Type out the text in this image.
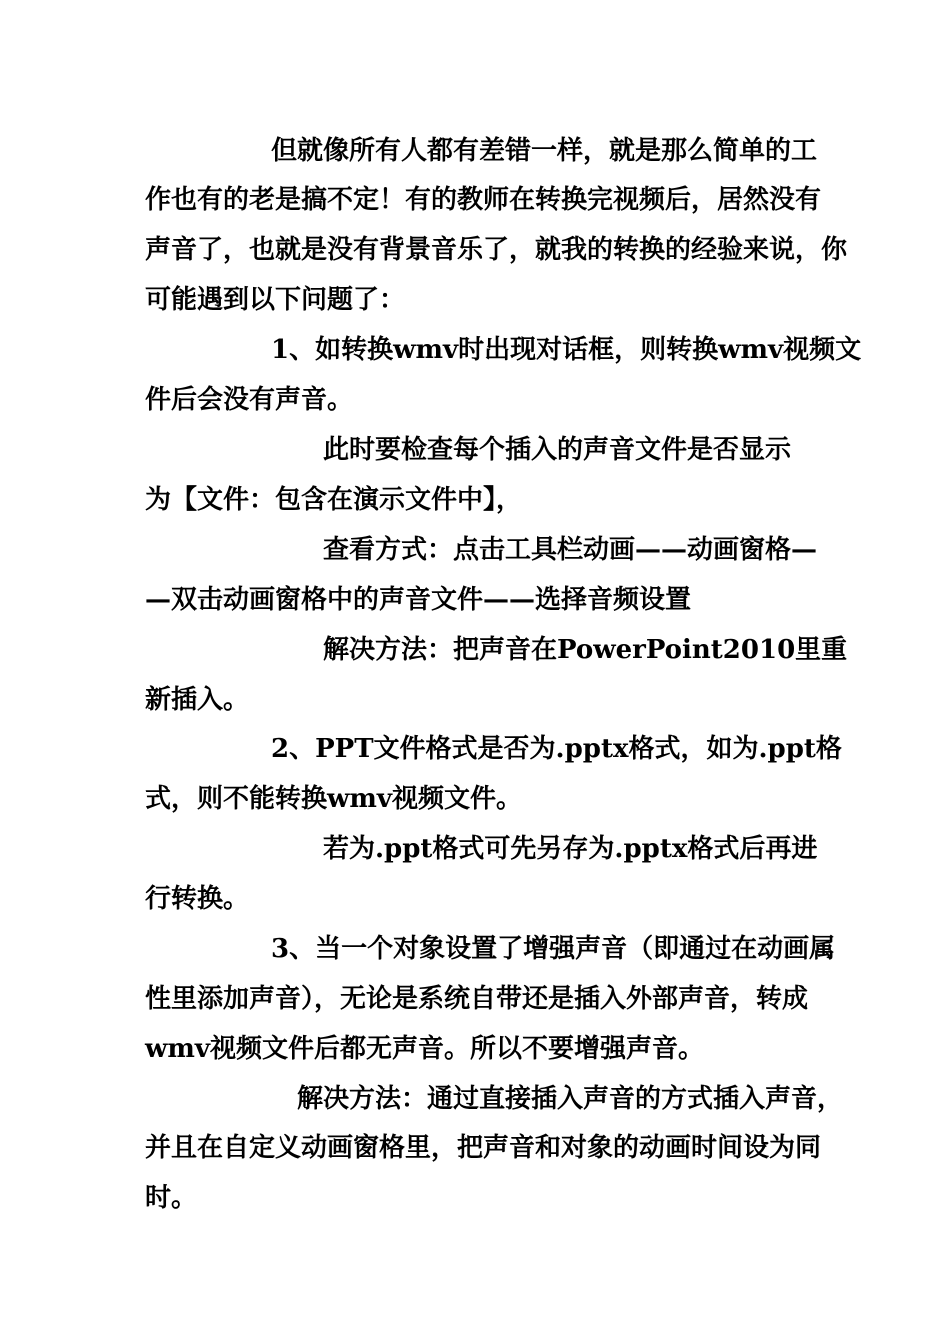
但就像所有人都有差错一样，就是那么简单的工

作也有的老是搞不定！有的教师在转换完视频后，居然没有

声音了，也就是没有背景音乐了，就我的转换的经验来说，你

可能遇到以下问题了：

1、如转换wmv时出现对话框，则转换wmv视频文

件后会没有声音。

此时要检查每个插入的声音文件是否显示

为【文件：包含在演示文件中】，

查看方式：点击工具栏动画——动画窗格—

—双击动画窗格中的声音文件——选择音频设置

解决方法：把声音在PowerPoint2010里重

新插入。

2、PPT文件格式是否为.pptx格式，如为.ppt格

式，则不能转换wmv视频文件。

若为.ppt格式可先另存为.pptx格式后再进

行转换。

3、当一个对象设置了增强声音（即通过在动画属

性里添加声音），无论是系统自带还是插入外部声音，转成

wmv视频文件后都无声音。所以不要增强声音。

解决方法：通过直接插入声音的方式插入声音，

并且在自定义动画窗格里，把声音和对象的动画时间设为同

时。
